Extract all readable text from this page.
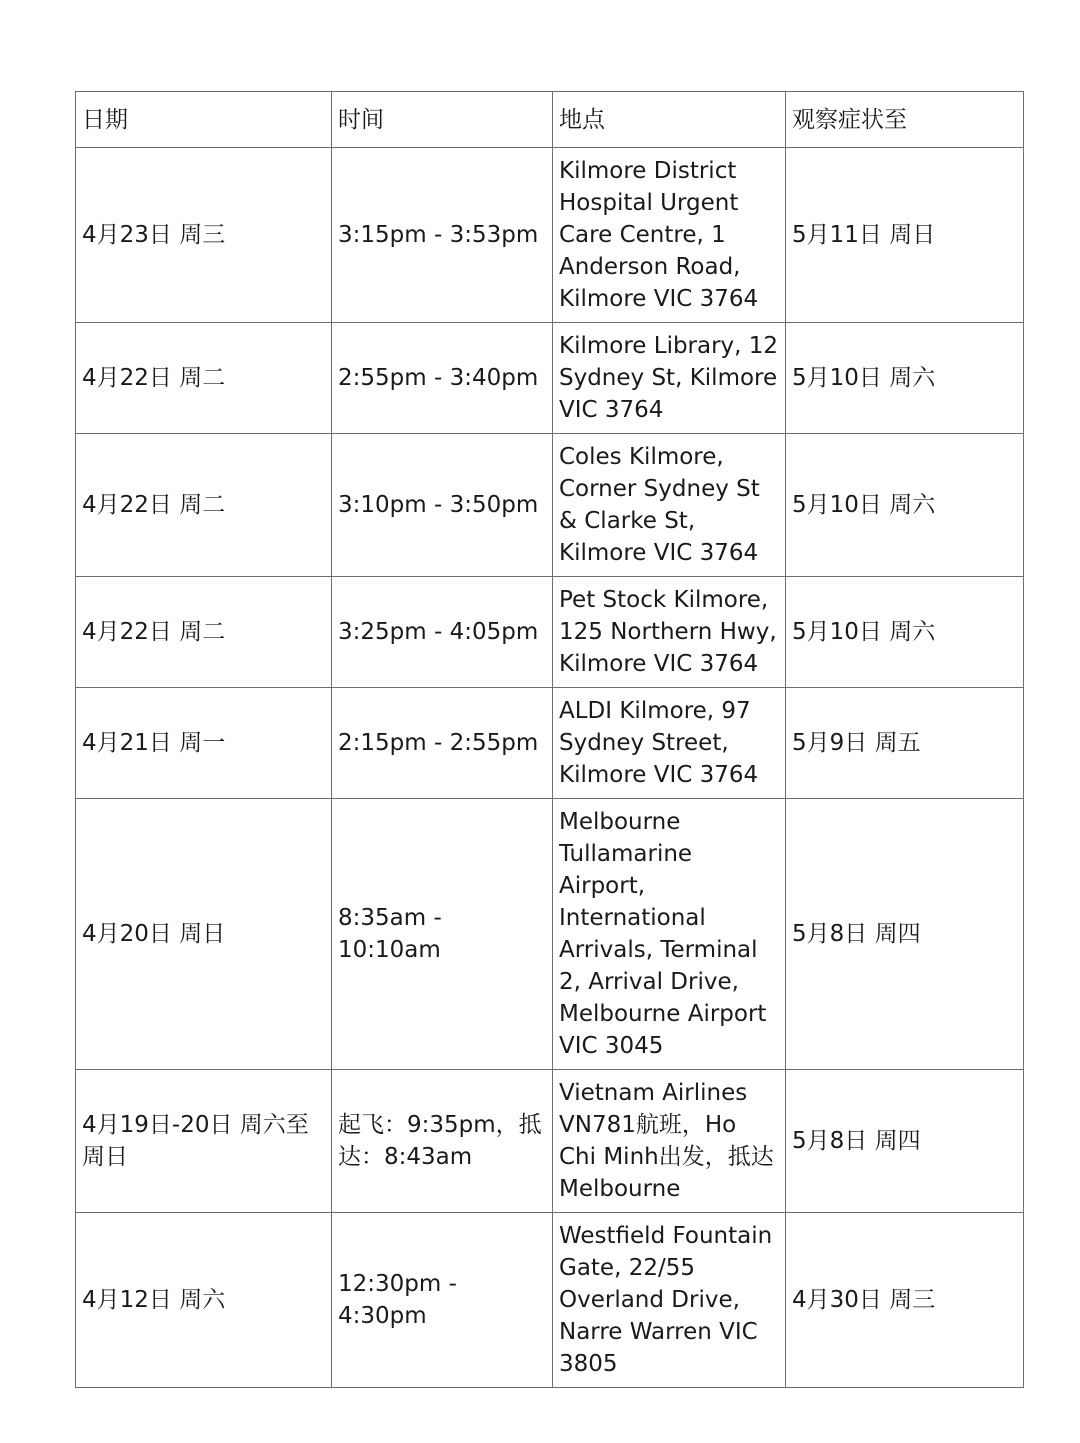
日期	时间	地点	观察症状至
4月23日 周三	3:15pm - 3:53pm	Kilmore District Hospital Urgent Care Centre, 1 Anderson Road, Kilmore VIC 3764	5月11日 周日
4月22日 周二	2:55pm - 3:40pm	Kilmore Library, 12 Sydney St, Kilmore VIC 3764	5月10日 周六
4月22日 周二	3:10pm - 3:50pm	Coles Kilmore, Corner Sydney St & Clarke St, Kilmore VIC 3764	5月10日 周六
4月22日 周二	3:25pm - 4:05pm	Pet Stock Kilmore, 125 Northern Hwy, Kilmore VIC 3764	5月10日 周六
4月21日 周一	2:15pm - 2:55pm	ALDI Kilmore, 97 Sydney Street, Kilmore VIC 3764	5月9日 周五
4月20日 周日	8:35am - 10:10am	Melbourne Tullamarine Airport, International Arrivals, Terminal 2, Arrival Drive, Melbourne Airport VIC 3045	5月8日 周四
4月19日-20日 周六至周日	起飞：9:35pm，抵达：8:43am	Vietnam Airlines VN781航班，Ho Chi Minh出发，抵达Melbourne	5月8日 周四
4月12日 周六	12:30pm - 4:30pm	Westfield Fountain Gate, 22/55 Overland Drive, Narre Warren VIC 3805	4月30日 周三
